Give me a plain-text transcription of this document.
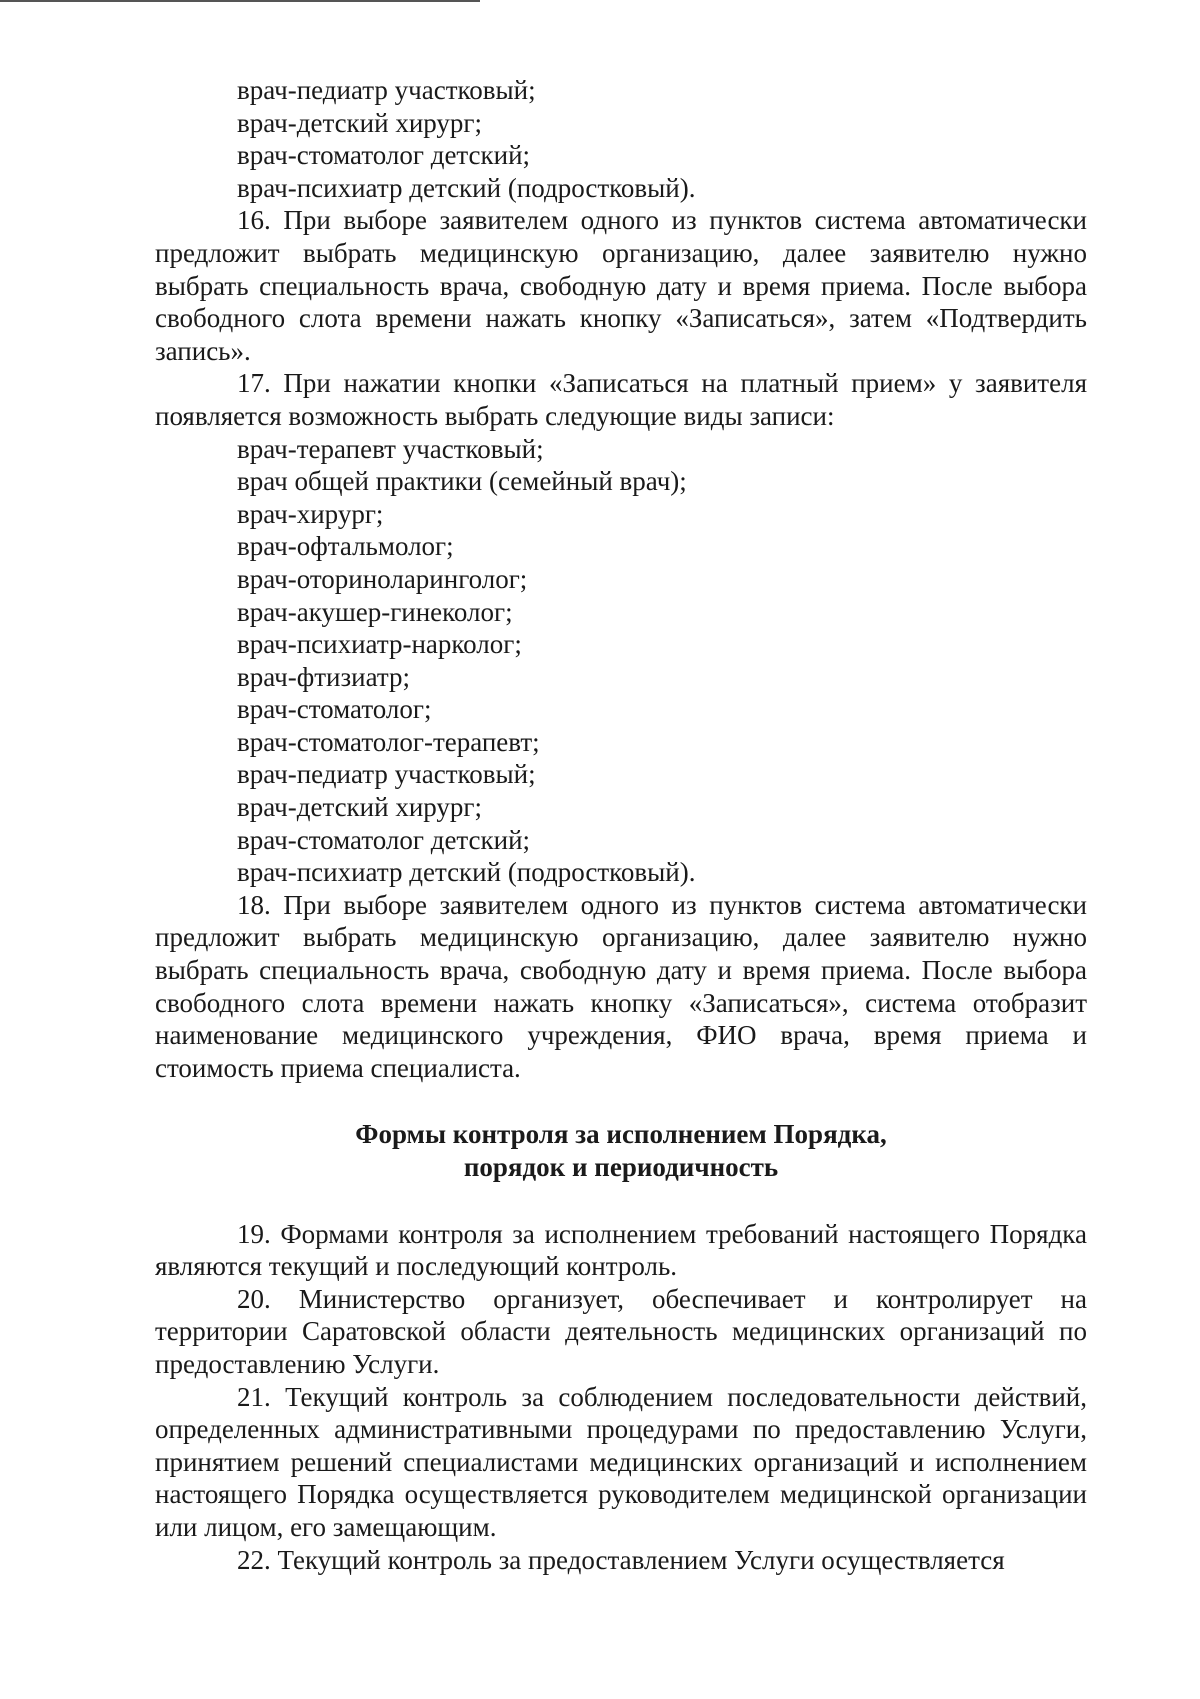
врач-педиатр участковый;
врач-детский хирург;
врач-стоматолог детский;
врач-психиатр детский (подростковый).
16. При выборе заявителем одного из пунктов система автоматически предложит выбрать медицинскую организацию, далее заявителю нужно выбрать специальность врача, свободную дату и время приема. После выбора свободного слота времени нажать кнопку «Записаться», затем «Подтвердить запись».
17. При нажатии кнопки «Записаться на платный прием» у заявителя появляется возможность выбрать следующие виды записи:
врач-терапевт участковый;
врач общей практики (семейный врач);
врач-хирург;
врач-офтальмолог;
врач-оториноларинголог;
врач-акушер-гинеколог;
врач-психиатр-нарколог;
врач-фтизиатр;
врач-стоматолог;
врач-стоматолог-терапевт;
врач-педиатр участковый;
врач-детский хирург;
врач-стоматолог детский;
врач-психиатр детский (подростковый).
18. При выборе заявителем одного из пунктов система автоматически предложит выбрать медицинскую организацию, далее заявителю нужно выбрать специальность врача, свободную дату и время приема. После выбора свободного слота времени нажать кнопку «Записаться», система отобразит наименование медицинского учреждения, ФИО врача, время приема и стоимость приема специалиста.
Формы контроля за исполнением Порядка,
порядок и периодичность
19. Формами контроля за исполнением требований настоящего Порядка являются текущий и последующий контроль.
20. Министерство организует, обеспечивает и контролирует на территории Саратовской области деятельность медицинских организаций по предоставлению Услуги.
21. Текущий контроль за соблюдением последовательности действий, определенных административными процедурами по предоставлению Услуги, принятием решений специалистами медицинских организаций и исполнением настоящего Порядка осуществляется руководителем медицинской организации или лицом, его замещающим.
22. Текущий контроль за предоставлением Услуги осуществляется
